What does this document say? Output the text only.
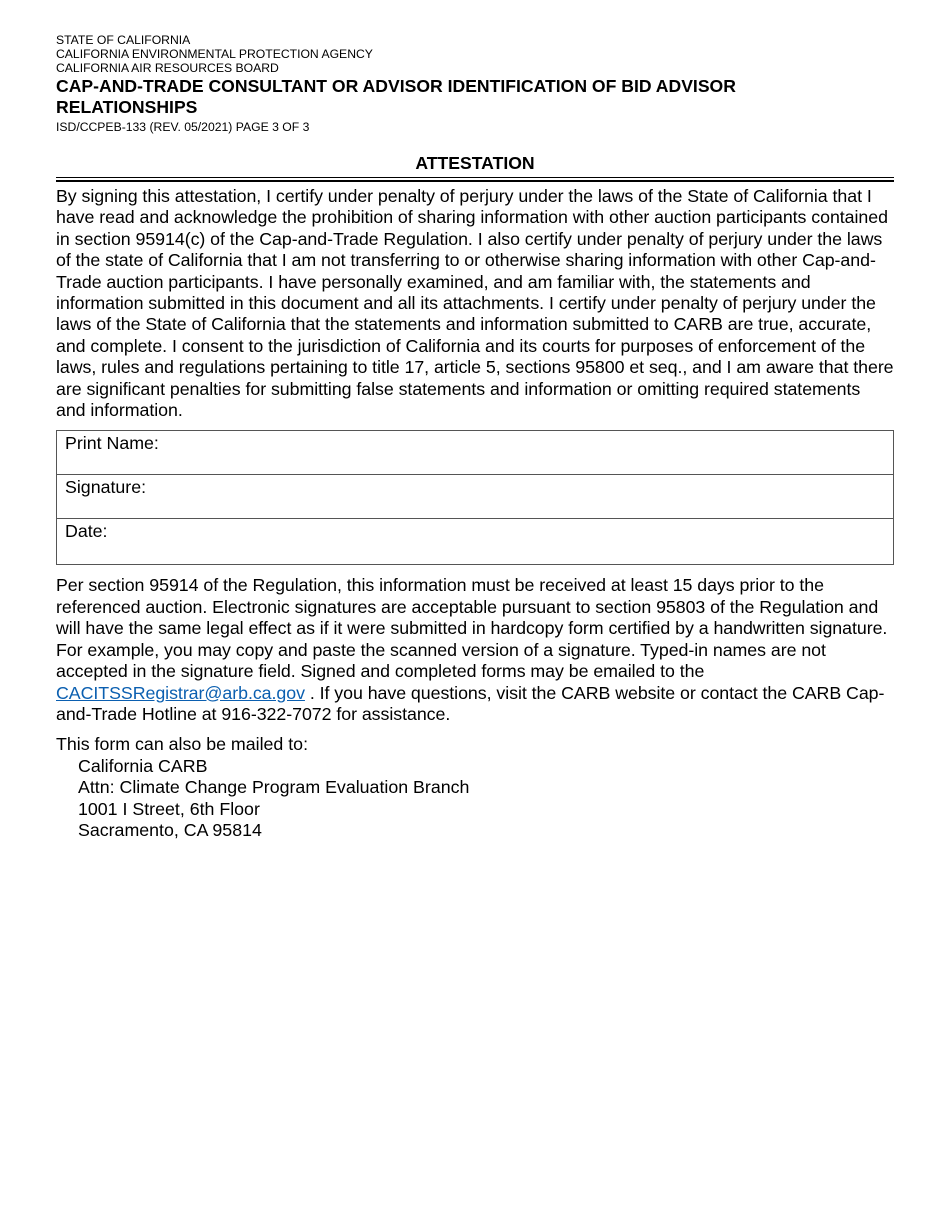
STATE OF CALIFORNIA
CALIFORNIA ENVIRONMENTAL PROTECTION AGENCY
CALIFORNIA AIR RESOURCES BOARD
CAP-AND-TRADE CONSULTANT OR ADVISOR IDENTIFICATION OF BID ADVISOR RELATIONSHIPS
ISD/CCPEB-133 (REV. 05/2021) PAGE 3 OF 3
ATTESTATION
By signing this attestation, I certify under penalty of perjury under the laws of the State of California that I have read and acknowledge the prohibition of sharing information with other auction participants contained in section 95914(c) of the Cap-and-Trade Regulation. I also certify under penalty of perjury under the laws of the state of California that I am not transferring to or otherwise sharing information with other Cap-and-Trade auction participants. I have personally examined, and am familiar with, the statements and information submitted in this document and all its attachments. I certify under penalty of perjury under the laws of the State of California that the statements and information submitted to CARB are true, accurate, and complete. I consent to the jurisdiction of California and its courts for purposes of enforcement of the laws, rules and regulations pertaining to title 17, article 5, sections 95800 et seq., and I am aware that there are significant penalties for submitting false statements and information or omitting required statements and information.
Print Name:
Signature:
Date:
Per section 95914 of the Regulation, this information must be received at least 15 days prior to the referenced auction. Electronic signatures are acceptable pursuant to section 95803 of the Regulation and will have the same legal effect as if it were submitted in hardcopy form certified by a handwritten signature. For example, you may copy and paste the scanned version of a signature. Typed-in names are not accepted in the signature field. Signed and completed forms may be emailed to the CACITSSRegistrar@arb.ca.gov . If you have questions, visit the CARB website or contact the CARB Cap-and-Trade Hotline at 916-322-7072 for assistance.
This form can also be mailed to:
California CARB
Attn: Climate Change Program Evaluation Branch
1001 I Street, 6th Floor
Sacramento, CA 95814
